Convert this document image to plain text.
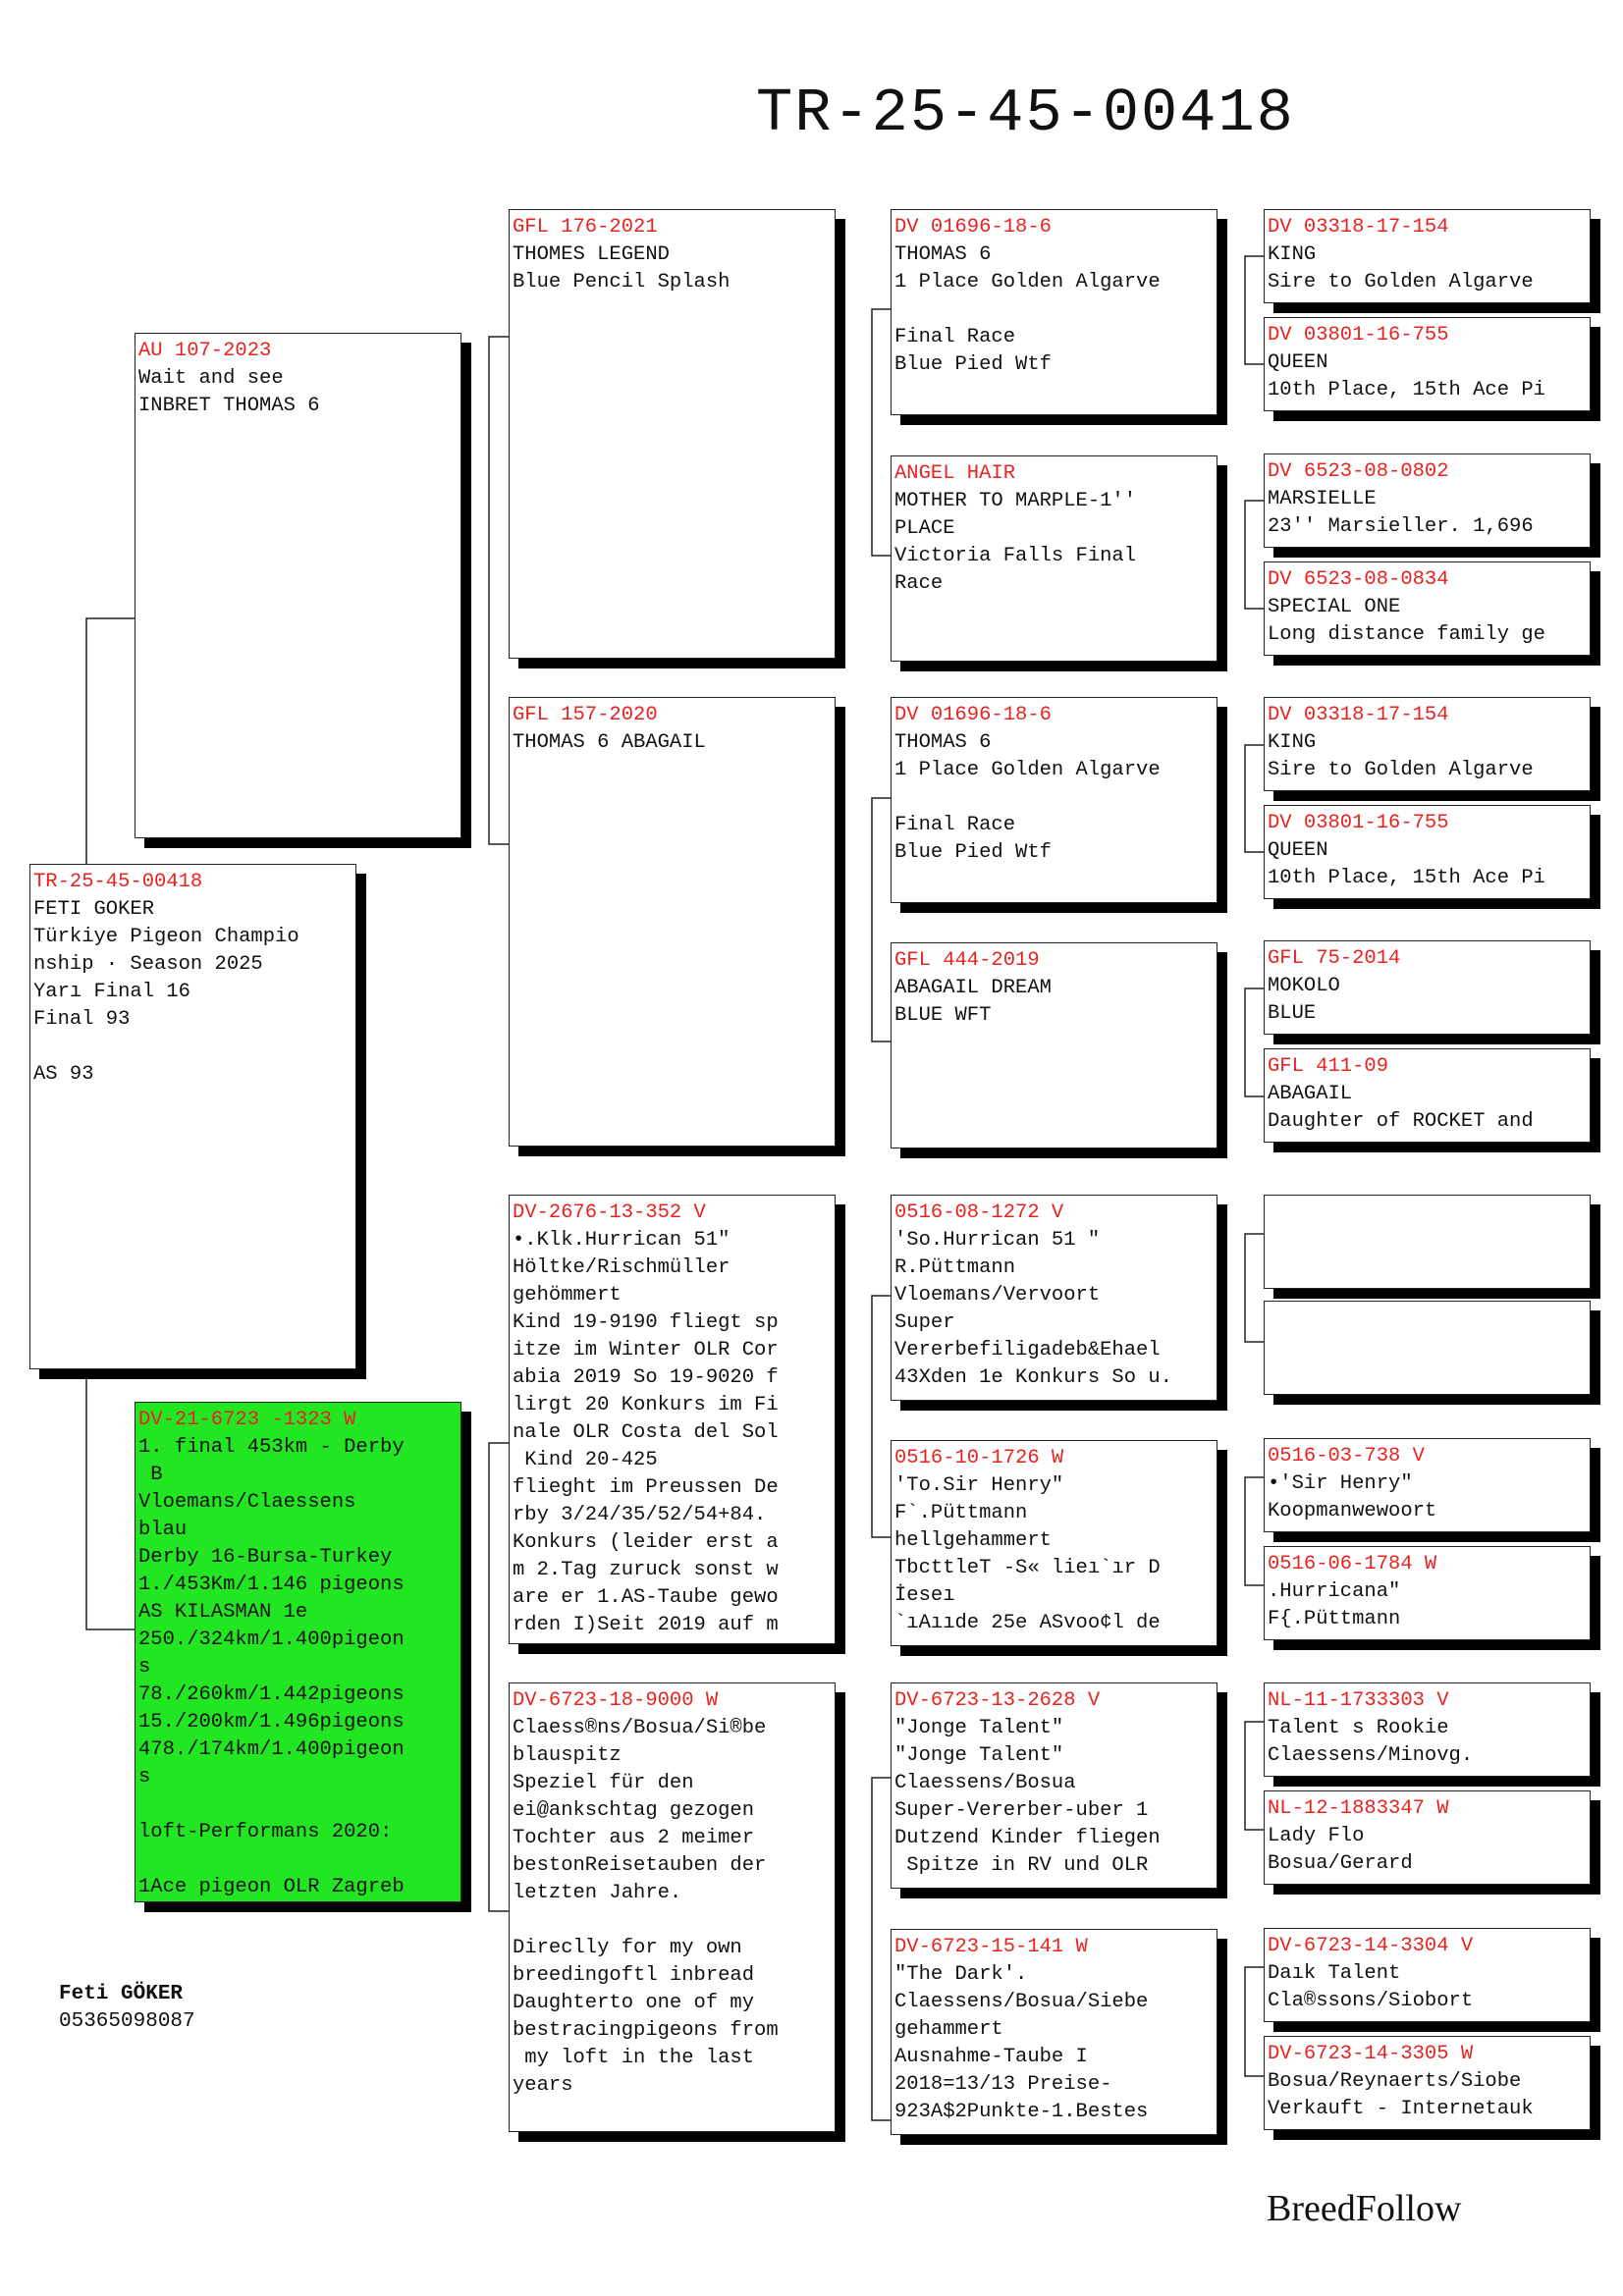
TR-25-45-00418
TR-25-45-00418
FETI GOKER
Türkiye Pigeon Champio
nship · Season 2025
Yarı Final 16
Final 93

AS 93
AU 107-2023
Wait and see
INBRET THOMAS 6
DV-21-6723 -1323 W
1. final 453km - Derby
B
Vloemans/Claessens
blau
Derby 16-Bursa-Turkey
1./453Km/1.146 pigeons
AS KILASMAN 1e
250./324km/1.400pigeon
s
78./260km/1.442pigeons
15./200km/1.496pigeons
478./174km/1.400pigeon
s

loft-Performans 2020:

1Ace pigeon OLR Zagreb
GFL 176-2021
THOMES LEGEND
Blue Pencil Splash
GFL 157-2020
THOMAS 6 ABAGAIL
DV-2676-13-352 V
•.Klk.Hurrican 51"
Höltke/Rischmüller
gehömmert
Kind 19-9190 fliegt sp
itze im Winter OLR Cor
abia 2019 So 19-9020 f
lirgt 20 Konkurs im Fi
nale OLR Costa del Sol
Kind 20-425
flieght im Preussen De
rby 3/24/35/52/54+84.
Konkurs (leider erst a
m 2.Tag zuruck sonst w
are er 1.AS-Taube gewo
rden I)Seit 2019 auf m
DV-6723-18-9000 W
Claess®ns/Bosua/Si®be
blauspitz
Speziel für den
ei@ankschtag gezogen
Tochter aus 2 meimer
bestonReisetauben der
letzten Jahre.

Direclly for my own
breedingoftl inbread
Daughterto one of my
bestracingpigeons from
my loft in the last
years
DV 01696-18-6
THOMAS 6
1 Place Golden Algarve

Final Race
Blue Pied Wtf
ANGEL HAIR
MOTHER TO MARPLE-1''
PLACE
Victoria Falls Final
Race
DV 01696-18-6
THOMAS 6
1 Place Golden Algarve

Final Race
Blue Pied Wtf
GFL 444-2019
ABAGAIL DREAM
BLUE WFT
0516-08-1272 V
'So.Hurrican 51 "
R.Püttmann
Vloemans/Vervoort
Super
Vererbefiligadeb&Ehael
43Xden 1e Konkurs So u.
0516-10-1726 W
'To.Sir Henry"
F`.Püttmann
hellgehammert
TbcttleT -S« lieı`ır D
İeseı
`ıAııde 25e ASvoo¢l de
DV-6723-13-2628 V
"Jonge Talent"
"Jonge Talent"
Claessens/Bosua
Super-Vererber-uber 1
Dutzend Kinder fliegen
Spitze in RV und OLR
DV-6723-15-141 W
"The Dark'.
Claessens/Bosua/Siebe
gehammert
Ausnahme-Taube I
2018=13/13 Preise-
923A$2Punkte-1.Bestes
DV 03318-17-154
KING
Sire to Golden Algarve
DV 03801-16-755
QUEEN
10th Place, 15th Ace Pi
DV 6523-08-0802
MARSIELLE
23'' Marsieller. 1,696
DV 6523-08-0834
SPECIAL ONE
Long distance family ge
DV 03318-17-154
KING
Sire to Golden Algarve
DV 03801-16-755
QUEEN
10th Place, 15th Ace Pi
GFL 75-2014
MOKOLO
BLUE
GFL 411-09
ABAGAIL
Daughter of ROCKET and
0516-03-738 V
•'Sir Henry"
Koopmanwewoort
0516-06-1784 W
.Hurricana"
F{.Püttmann
NL-11-1733303 V
Talent s Rookie
Claessens/Minovg.
NL-12-1883347 W
Lady Flo
Bosua/Gerard
DV-6723-14-3304 V
Daık Talent
Cla®ssons/Siobort
DV-6723-14-3305 W
Bosua/Reynaerts/Siobe
Verkauft - Internetauk
Feti GÖKER
05365098087
BreedFollow
